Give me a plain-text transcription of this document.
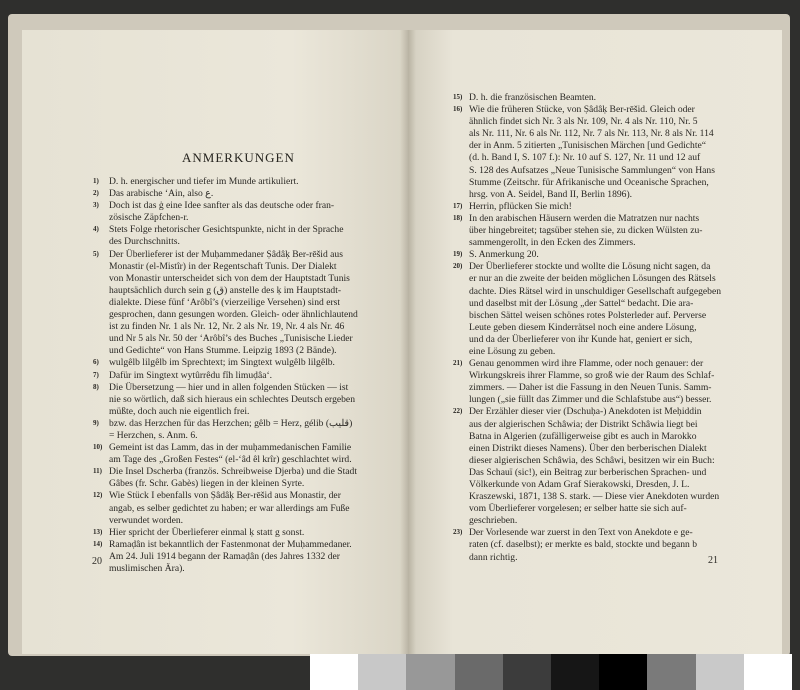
ANMERKUNGEN
1) D. h. energischer und tiefer im Munde artikuliert.
2) Das arabische ‘Ain, also ع.
3) Doch ist das ġ eine Idee sanfter als das deutsche oder fran-
zösische Zäpfchen-r.
4) Stets Folge rhetorischer Gesichtspunkte, nicht in der Sprache
des Durchschnitts.
5) Der Überlieferer ist der Muḥammedaner Ṣâdâḳ Ber-rēšid aus
Monastir (el-Mistîr) in der Regentschaft Tunis. Der Dialekt
von Monastir unterscheidet sich von dem der Hauptstadt Tunis
hauptsächlich durch sein g (ق) anstelle des ḳ im Hauptstadt-
dialekte. Diese fünf ‘Arôbî’s (vierzeilige Versehen) sind erst
gesprochen, dann gesungen worden. Gleich- oder ähnlichlautend
ist zu finden Nr. 1 als Nr. 12, Nr. 2 als Nr. 19, Nr. 4 als Nr. 46
und Nr 5 als Nr. 50 der ‘Arôbî’s des Buches „Tunisische Lieder
und Gedichte“ von Hans Stumme. Leipzig 1893 (2 Bände).
6) wulgêlb lilgêlb im Sprechtext; im Singtext wulgêlb lilgêlb.
7) Dafür im Singtext wytûrrêdu fîh limuḍâa‘.
8) Die Übersetzung — hier und in allen folgenden Stücken — ist
nie so wörtlich, daß sich hieraus ein schlechtes Deutsch ergeben
müßte, doch auch nie eigentlich frei.
9) bzw. das Herzchen für das Herzchen; gêlb = Herz, gélib (قليب)
= Herzchen, s. Anm. 6.
10) Gemeint ist das Lamm, das in der muḥammedanischen Familie
am Tage des „Großen Festes“ (el-‘âd êl krîr) geschlachtet wird.
11) Die Insel Dscherba (französ. Schreibweise Djerba) und die Stadt
Gâbes (fr. Schr. Gabès) liegen in der kleinen Syrte.
12) Wie Stück I ebenfalls von Ṣâdâḳ Ber-rēšid aus Monastir, der
angab, es selber gedichtet zu haben; er war allerdings am Fuße
verwundet worden.
13) Hier spricht der Überlieferer einmal ḳ statt g sonst.
14) Ramaḍân ist bekanntlich der Fastenmonat der Muḥammedaner.
Am 24. Juli 1914 begann der Ramaḍân (des Jahres 1332 der
muslimischen Ära).
20
15) D. h. die französischen Beamten.
16) Wie die früheren Stücke, von Ṣâdâḳ Ber-rēšid. Gleich oder
ähnlich findet sich Nr. 3 als Nr. 109, Nr. 4 als Nr. 110, Nr. 5
als Nr. 111, Nr. 6 als Nr. 112, Nr. 7 als Nr. 113, Nr. 8 als Nr. 114
der in Anm. 5 zitierten „Tunisischen Märchen [und Gedichte“
(d. h. Band I, S. 107 f.): Nr. 10 auf S. 127, Nr. 11 und 12 auf
S. 128 des Aufsatzes „Neue Tunisische Sammlungen“ von Hans
Stumme (Zeitschr. für Afrikanische und Oceanische Sprachen,
hrsg. von A. Seidel, Band II, Berlin 1896).
17) Herrin, pflücken Sie mich!
18) In den arabischen Häusern werden die Matratzen nur nachts
über hingebreitet; tagsüber stehen sie, zu dicken Wülsten zu-
sammengerollt, in den Ecken des Zimmers.
19) S. Anmerkung 20.
20) Der Überlieferer stockte und wollte die Lösung nicht sagen, da
er nur an die zweite der beiden möglichen Lösungen des Rätsels
dachte. Dies Rätsel wird in unschuldiger Gesellschaft aufgegeben
und daselbst mit der Lösung „der Sattel“ bedacht. Die ara-
bischen Sättel weisen schönes rotes Polsterleder auf. Perverse
Leute geben diesem Kinderrätsel noch eine andere Lösung,
und da der Überlieferer von ihr Kunde hat, geniert er sich,
eine Lösung zu geben.
21) Genau genommen wird ihre Flamme, oder noch genauer: der
Wirkungskreis ihrer Flamme, so groß wie der Raum des Schlaf-
zimmers. — Daher ist die Fassung in den Neuen Tunis. Samm-
lungen („sie füllt das Zimmer und die Schlafstube aus“) besser.
22) Der Erzähler dieser vier (Dschuḥa-) Anekdoten ist Meḥiddin
aus der algierischen Schâwia; der Distrikt Schâwia liegt bei
Batna in Algerien (zufälligerweise gibt es auch in Marokko
einen Distrikt dieses Namens). Über den berberischen Dialekt
dieser algierischen Schâwia, des Schâwi, besitzen wir ein Buch:
Das Schauï (sic!), ein Beitrag zur berberischen Sprachen- und
Völkerkunde von Adam Graf Sierakowski, Dresden, J. L.
Kraszewski, 1871, 138 S. stark. — Diese vier Anekdoten wurden
vom Überlieferer vorgelesen; er selber hatte sie sich auf-
geschrieben.
23) Der Vorlesende war zuerst in den Text von Anekdote e ge-
raten (cf. daselbst); er merkte es bald, stockte und begann b
dann richtig.	21
